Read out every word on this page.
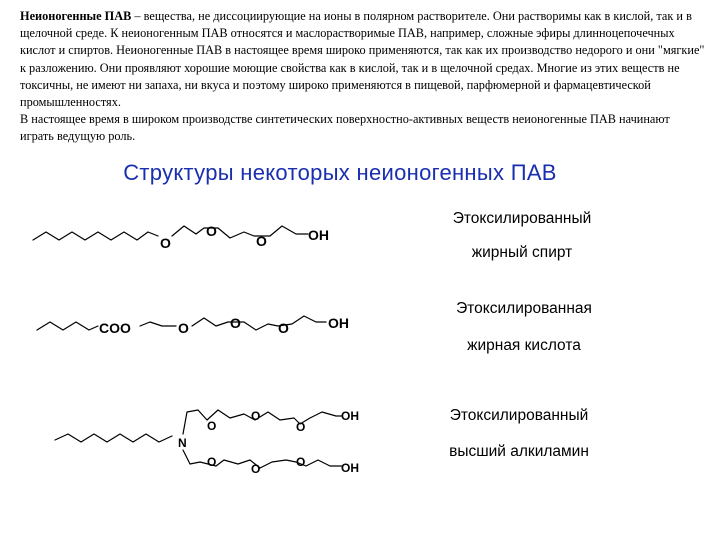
Неионогенные ПАВ – вещества, не диссоциирующие на ионы в полярном растворителе. Они растворимы как в кислой, так и в щелочной среде. К неионогенным ПАВ относятся и маслорастворимые ПАВ, например, сложные эфиры длинноцепочечных кислот и спиртов. Неионогенные ПАВ в настоящее время широко применяются, так как их производство недорого и они "мягкие" к разложению. Они проявляют хорошие моющие свойства как в кислой, так и в щелочной средах. Многие из этих веществ не токсичны, не имеют ни запаха, ни вкуса и поэтому широко применяются в пищевой, парфюмерной и фармацевтической промышленностях.

В настоящее время в широком производстве синтетических поверхностно-активных веществ неионогенные ПАВ начинают играть ведущую роль.

Структуры некоторых неионогенных ПАВ
O
O
O	OH
COO	O	O	O	OH
N
O
O
O
OH
O	O	O	OH
Этоксилированный
жирный спирт
Этоксилированная
жирная кислота
Этоксилированный
высший алкиламин
